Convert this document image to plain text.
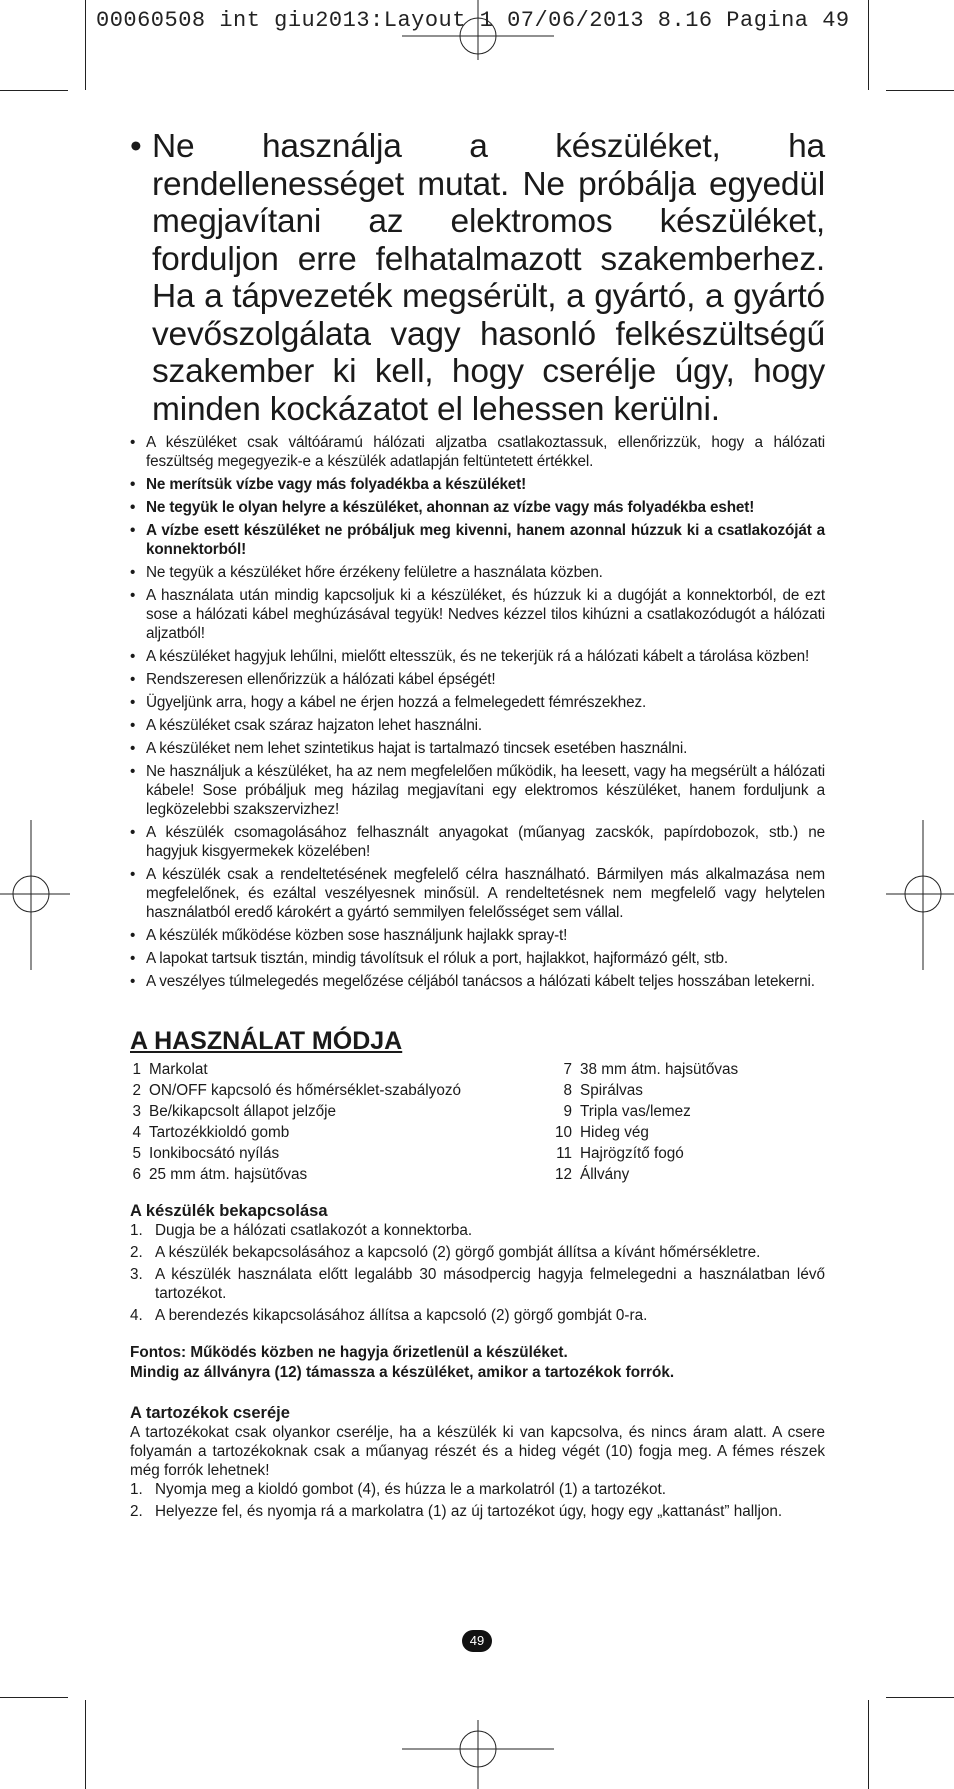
00060508 int giu2013:Layout 1 07/06/2013 8.16 Pagina 49
• Ne használja a készüléket, ha rendellenességet mutat. Ne próbálja egyedül megjavítani az elektromos készüléket, forduljon erre felhatalmazott szakemberhez. Ha a tápvezeték megsérült, a gyártó, a gyártó vevőszolgálata vagy hasonló felkészültségű szakember ki kell, hogy cserélje úgy, hogy minden kockázatot el lehessen kerülni.
• A készüléket csak váltóáramú hálózati aljzatba csatlakoztassuk, ellenőrizzük, hogy a hálózati feszültség megegyezik-e a készülék adatlapján feltüntetett értékkel.
• Ne merítsük vízbe vagy más folyadékba a készüléket!
• Ne tegyük le olyan helyre a készüléket, ahonnan az vízbe vagy más folyadékba eshet!
• A vízbe esett készüléket ne próbáljuk meg kivenni, hanem azonnal húzzuk ki a csatlakozóját a konnektorból!
• Ne tegyük a készüléket hőre érzékeny felületre a használata közben.
• A használata után mindig kapcsoljuk ki a készüléket, és húzzuk ki a dugóját a konnektorból, de ezt sose a hálózati kábel meghúzásával tegyük! Nedves kézzel tilos kihúzni a csatlakozódugót a hálózati aljzatból!
• A készüléket hagyjuk lehűlni, mielőtt eltesszük, és ne tekerjük rá a hálózati kábelt a tárolása közben!
• Rendszeresen ellenőrizzük a hálózati kábel épségét!
• Ügyeljünk arra, hogy a kábel ne érjen hozzá a felmelegedett fémrészekhez.
• A készüléket csak száraz hajzaton lehet használni.
• A készüléket nem lehet szintetikus hajat is tartalmazó tincsek esetében használni.
• Ne használjuk a készüléket, ha az nem megfelelően működik, ha leesett, vagy ha megsérült a hálózati kábele! Sose próbáljuk meg házilag megjavítani egy elektromos készüléket, hanem forduljunk a legközelebbi szakszervizhez!
• A készülék csomagolásához felhasznált anyagokat (műanyag zacskók, papírdobozok, stb.) ne hagyjuk kisgyermekek közelében!
• A készülék csak a rendeltetésének megfelelő célra használható. Bármilyen más alkalmazása nem megfelelőnek, és ezáltal veszélyesnek minősül. A rendeltetésnek nem megfelelő vagy helytelen használatból eredő károkért a gyártó semmilyen felelősséget sem vállal.
• A készülék működése közben sose használjunk hajlakk spray-t!
• A lapokat tartsuk tisztán, mindig távolítsuk el róluk a port, hajlakkot, hajformázó gélt, stb.
• A veszélyes túlmelegedés megelőzése céljából tanácsos a hálózati kábelt teljes hosszában letekerni.
A HASZNÁLAT MÓDJA
1 Markolat
2 ON/OFF kapcsoló és hőmérséklet-szabályozó
3 Be/kikapcsolt állapot jelzője
4 Tartozékkioldó gomb
5 Ionkibocsátó nyílás
6 25 mm átm. hajsütővas
7 38 mm átm. hajsütővas
8 Spirálvas
9 Tripla vas/lemez
10 Hideg vég
11 Hajrögzítő fogó
12 Állvány
A készülék bekapcsolása
1. Dugja be a hálózati csatlakozót a konnektorba.
2. A készülék bekapcsolásához a kapcsoló (2) görgő gombját állítsa a kívánt hőmérsékletre.
3. A készülék használata előtt legalább 30 másodpercig hagyja felmelegedni a használatban lévő tartozékot.
4. A berendezés kikapcsolásához állítsa a kapcsoló (2) görgő gombját 0-ra.
Fontos: Működés közben ne hagyja őrizetlenül a készüléket.
Mindig az állványra (12) támassza a készüléket, amikor a tartozékok forrók.
A tartozékok cseréje
A tartozékokat csak olyankor cserélje, ha a készülék ki van kapcsolva, és nincs áram alatt. A csere folyamán a tartozékoknak csak a műanyag részét és a hideg végét (10) fogja meg. A fémes részek még forrók lehetnek!
1. Nyomja meg a kioldó gombot (4), és húzza le a markolatról (1) a tartozékot.
2. Helyezze fel, és nyomja rá a markolatra (1) az új tartozékot úgy, hogy egy „kattanást” halljon.
49
